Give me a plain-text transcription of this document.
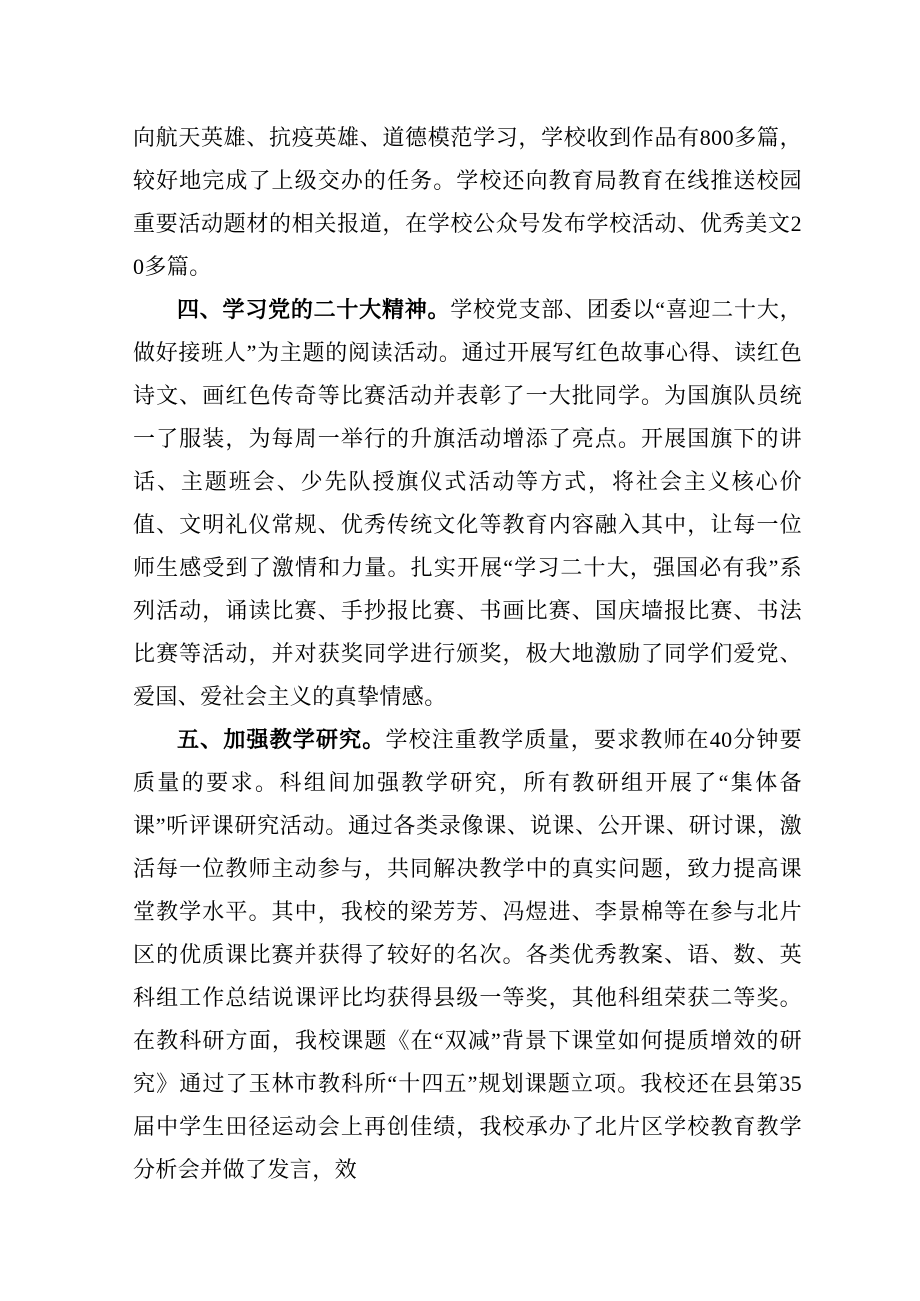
向航天英雄、抗疫英雄、道德模范学习，学校收到作品有800多篇，较好地完成了上级交办的任务。学校还向教育局教育在线推送校园重要活动题材的相关报道，在学校公众号发布学校活动、优秀美文20多篇。

四、学习党的二十大精神。学校党支部、团委以“喜迎二十大，做好接班人”为主题的阅读活动。通过开展写红色故事心得、读红色诗文、画红色传奇等比赛活动并表彰了一大批同学。为国旗队员统一了服装，为每周一举行的升旗活动增添了亮点。开展国旗下的讲话、主题班会、少先队授旗仪式活动等方式，将社会主义核心价值、文明礼仪常规、优秀传统文化等教育内容融入其中，让每一位师生感受到了激情和力量。扎实开展“学习二十大，强国必有我”系列活动，诵读比赛、手抄报比赛、书画比赛、国庆墙报比赛、书法比赛等活动，并对获奖同学进行颁奖，极大地激励了同学们爱党、爱国、爱社会主义的真挚情感。

五、加强教学研究。学校注重教学质量，要求教师在40分钟要质量的要求。科组间加强教学研究，所有教研组开展了“集体备课”听评课研究活动。通过各类录像课、说课、公开课、研讨课，激活每一位教师主动参与，共同解决教学中的真实问题，致力提高课堂教学水平。其中，我校的梁芳芳、冯煜进、李景棉等在参与北片区的优质课比赛并获得了较好的名次。各类优秀教案、语、数、英科组工作总结说课评比均获得县级一等奖，其他科组荣获二等奖。在教科研方面，我校课题《在“双减”背景下课堂如何提质增效的研究》通过了玉林市教科所“十四五”规划课题立项。我校还在县第35届中学生田径运动会上再创佳绩，我校承办了北片区学校教育教学分析会并做了发言，效
